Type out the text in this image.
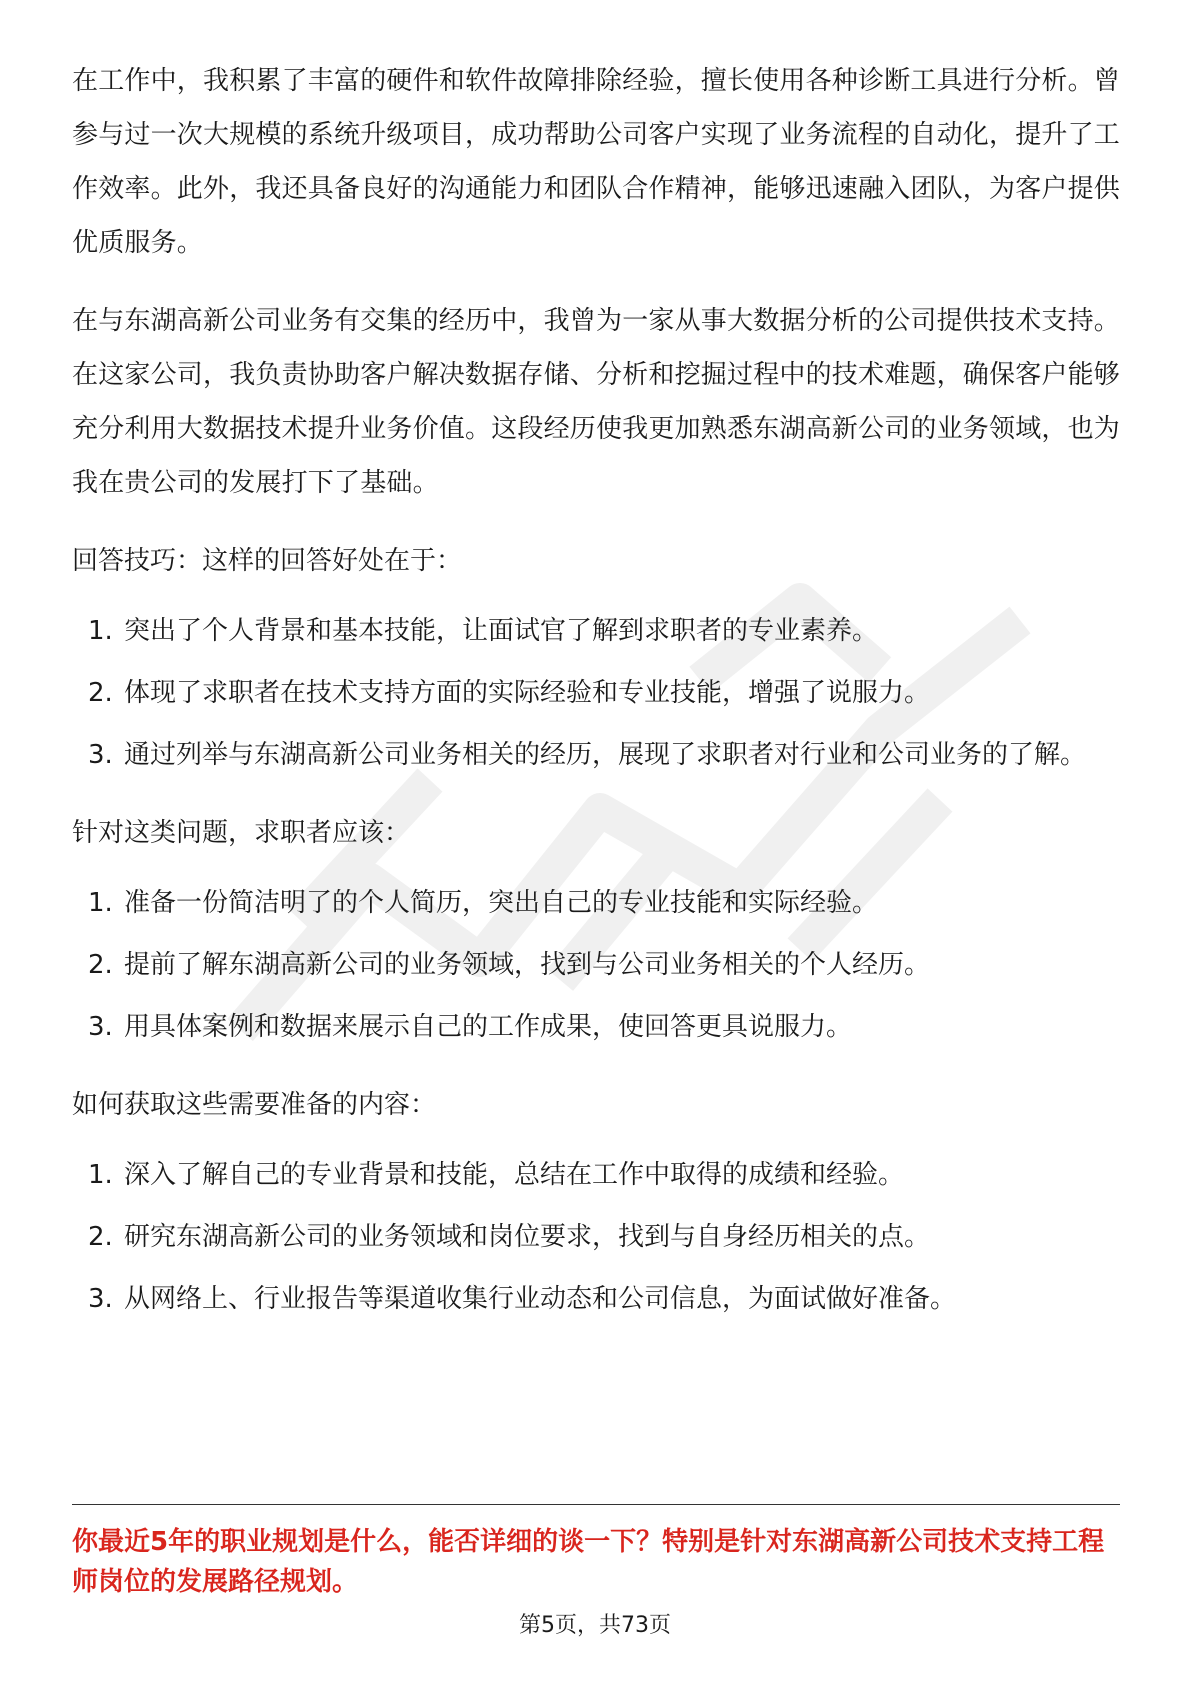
在工作中，我积累了丰富的硬件和软件故障排除经验，擅长使用各种诊断工具进行分析。曾参与过一次大规模的系统升级项目，成功帮助公司客户实现了业务流程的自动化，提升了工作效率。此外，我还具备良好的沟通能力和团队合作精神，能够迅速融入团队，为客户提供优质服务。

在与东湖高新公司业务有交集的经历中，我曾为一家从事大数据分析的公司提供技术支持。在这家公司，我负责协助客户解决数据存储、分析和挖掘过程中的技术难题，确保客户能够充分利用大数据技术提升业务价值。这段经历使我更加熟悉东湖高新公司的业务领域，也为我在贵公司的发展打下了基础。

回答技巧：这样的回答好处在于：

1. 突出了个人背景和基本技能，让面试官了解到求职者的专业素养。
2. 体现了求职者在技术支持方面的实际经验和专业技能，增强了说服力。
3. 通过列举与东湖高新公司业务相关的经历，展现了求职者对行业和公司业务的了解。

针对这类问题，求职者应该：

1. 准备一份简洁明了的个人简历，突出自己的专业技能和实际经验。
2. 提前了解东湖高新公司的业务领域，找到与公司业务相关的个人经历。
3. 用具体案例和数据来展示自己的工作成果，使回答更具说服力。

如何获取这些需要准备的内容：

1. 深入了解自己的专业背景和技能，总结在工作中取得的成绩和经验。
2. 研究东湖高新公司的业务领域和岗位要求，找到与自身经历相关的点。
3. 从网络上、行业报告等渠道收集行业动态和公司信息，为面试做好准备。

你最近5年的职业规划是什么，能否详细的谈一下？特别是针对东湖高新公司技术支持工程师岗位的发展路径规划。

第5页，共73页
